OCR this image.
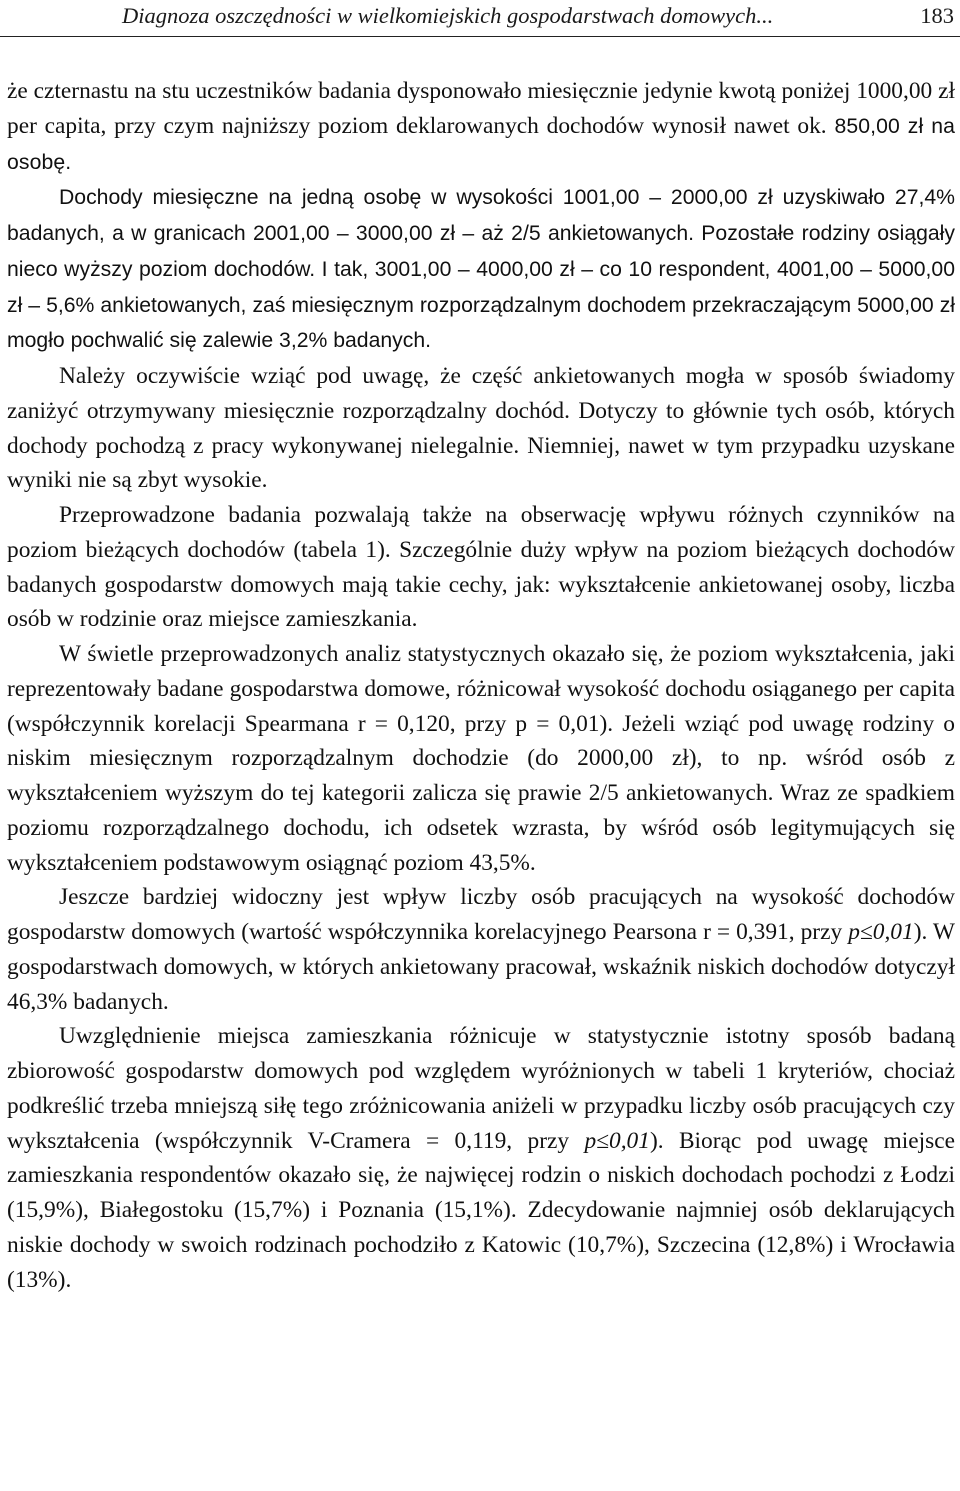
Diagnoza oszczędności w wielkomiejskich gospodarstwach domowych...	183

że czternastu na stu uczestników badania dysponowało miesięcznie jedynie kwotą poniżej 1000,00 zł per capita, przy czym najniższy poziom deklarowanych dochodów wynosił nawet ok. 850,00 zł na osobę.

Dochody miesięczne na jedną osobę w wysokości 1001,00 – 2000,00 zł uzyskiwało 27,4% badanych, a w granicach 2001,00 – 3000,00 zł – aż 2/5 ankietowanych. Pozostałe rodziny osiągały nieco wyższy poziom dochodów. I tak, 3001,00 – 4000,00 zł – co 10 respondent, 4001,00 – 5000,00 zł – 5,6% ankietowanych, zaś miesięcznym rozporządzalnym dochodem przekraczającym 5000,00 zł mogło pochwalić się zalewie 3,2% badanych.

Należy oczywiście wziąć pod uwagę, że część ankietowanych mogła w sposób świadomy zaniżyć otrzymywany miesięcznie rozporządzalny dochód. Dotyczy to głównie tych osób, których dochody pochodzą z pracy wykonywanej nielegalnie. Niemniej, nawet w tym przypadku uzyskane wyniki nie są zbyt wysokie.

Przeprowadzone badania pozwalają także na obserwację wpływu różnych czynników na poziom bieżących dochodów (tabela 1). Szczególnie duży wpływ na poziom bieżących dochodów badanych gospodarstw domowych mają takie cechy, jak: wykształcenie ankietowanej osoby, liczba osób w rodzinie oraz miejsce zamieszkania.

W świetle przeprowadzonych analiz statystycznych okazało się, że poziom wykształcenia, jaki reprezentowały badane gospodarstwa domowe, różnicował wysokość dochodu osiąganego per capita (współczynnik korelacji Spearmana r = 0,120, przy p = 0,01). Jeżeli wziąć pod uwagę rodziny o niskim miesięcznym rozporządzalnym dochodzie (do 2000,00 zł), to np. wśród osób z wykształceniem wyższym do tej kategorii zalicza się prawie 2/5 ankietowanych. Wraz ze spadkiem poziomu rozporządzalnego dochodu, ich odsetek wzrasta, by wśród osób legitymujących się wykształceniem podstawowym osiągnąć poziom 43,5%.

Jeszcze bardziej widoczny jest wpływ liczby osób pracujących na wysokość dochodów gospodarstw domowych (wartość współczynnika korelacyjnego Pearsona r = 0,391, przy p≤0,01). W gospodarstwach domowych, w których ankietowany pracował, wskaźnik niskich dochodów dotyczył 46,3% badanych.

Uwzględnienie miejsca zamieszkania różnicuje w statystycznie istotny sposób badaną zbiorowość gospodarstw domowych pod względem wyróżnionych w tabeli 1 kryteriów, chociaż podkreślić trzeba mniejszą siłę tego zróżnicowania aniżeli w przypadku liczby osób pracujących czy wykształcenia (współczynnik V-Cramera = 0,119, przy p≤0,01). Biorąc pod uwagę miejsce zamieszkania respondentów okazało się, że najwięcej rodzin o niskich dochodach pochodzi z Łodzi (15,9%), Białegostoku (15,7%) i Poznania (15,1%). Zdecydowanie najmniej osób deklarujących niskie dochody w swoich rodzinach pochodziło z Katowic (10,7%), Szczecina (12,8%) i Wrocławia (13%).
